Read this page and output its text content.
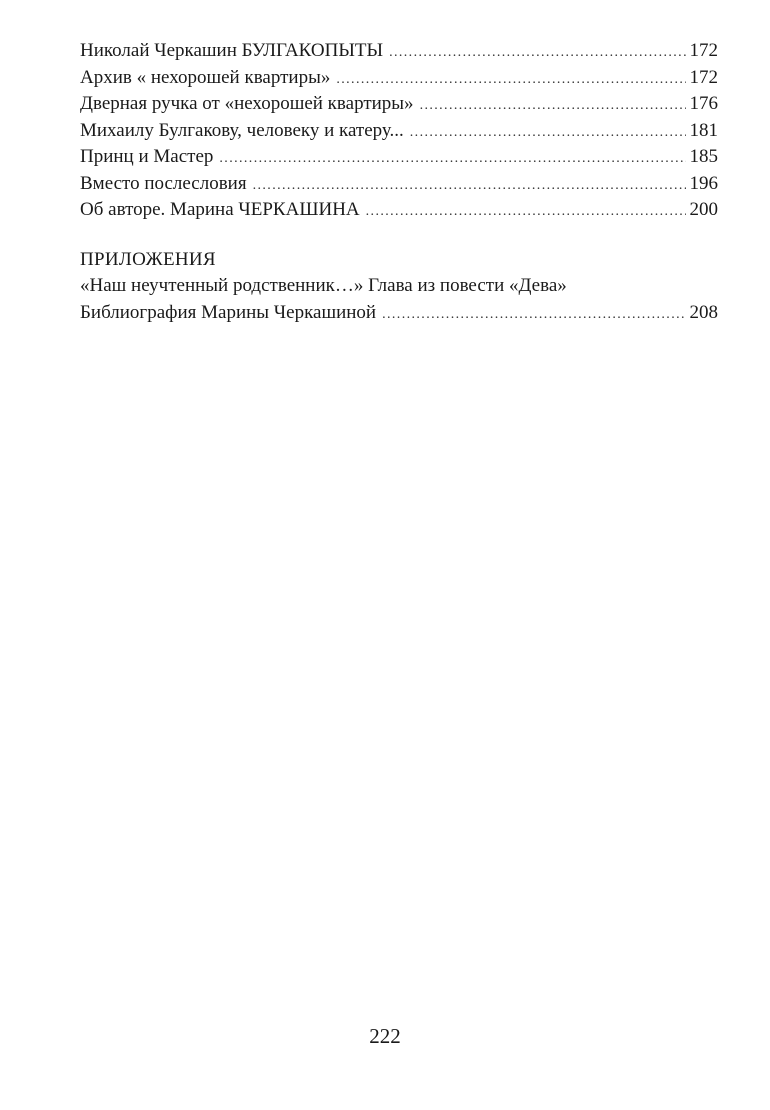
Николай Черкашин БУЛГАКОПЫТЫ .....	172
Архив « нехорошей квартиры» .....	172
Дверная ручка от «нехорошей квартиры» .....	176
Михаилу Булгакову, человеку и катеру... .....	181
Принц и Мастер .....	185
Вместо послесловия .....	196
Об авторе. Марина ЧЕРКАШИНА .....	200
ПРИЛОЖЕНИЯ
«Наш неучтенный родственник…» Глава из повести «Дева»
Библиография Марины Черкашиной .....	208
222
